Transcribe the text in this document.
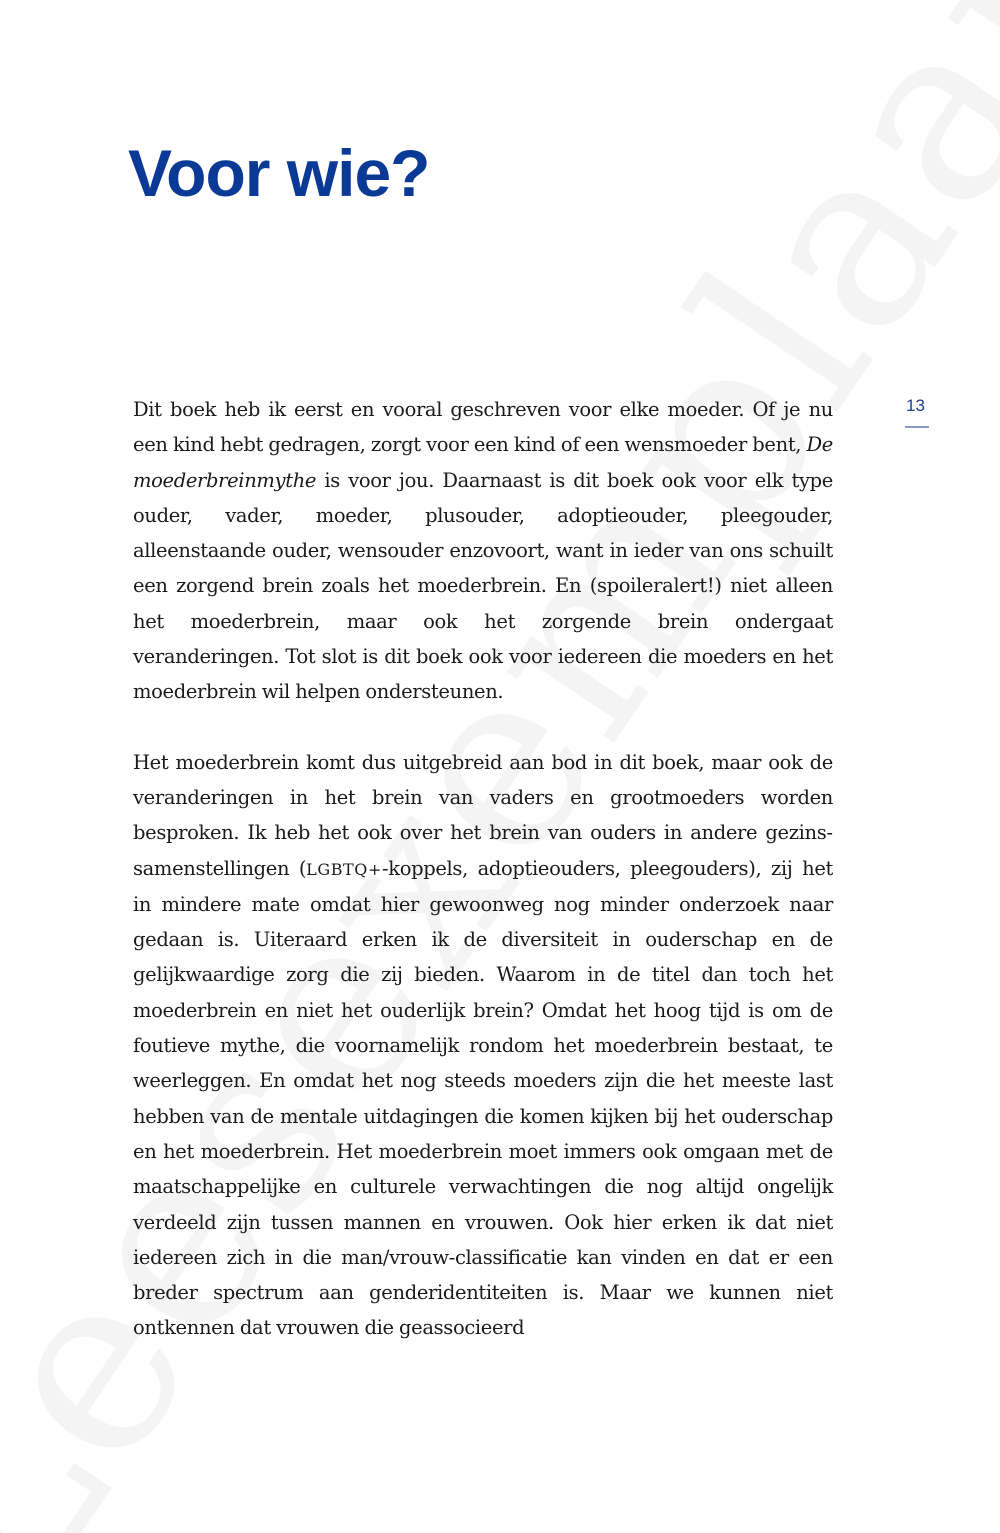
Voor wie?
13

Dit boek heb ik eerst en vooral geschreven voor elke moeder. Of je nu een kind hebt gedragen, zorgt voor een kind of een wensmoeder bent, De moederbreinmythe is voor jou. Daarnaast is dit boek ook voor elk type ouder, vader, moeder, plusouder, adoptieouder, pleegouder, alleenstaande ouder, wensouder enzovoort, want in ieder van ons schuilt een zorgend brein zoals het moederbrein. En (spoileralert!) niet alleen het moederbrein, maar ook het zorgende brein ondergaat veranderingen. Tot slot is dit boek ook voor iedereen die moeders en het moederbrein wil helpen ondersteunen.

Het moederbrein komt dus uitgebreid aan bod in dit boek, maar ook de veranderingen in het brein van vaders en grootmoeders worden besproken. Ik heb het ook over het brein van ouders in andere gezinssamenstellingen (LGBTQ+-koppels, adoptieouders, pleegouders), zij het in mindere mate omdat hier gewoonweg nog minder onderzoek naar gedaan is. Uiteraard erken ik de diversiteit in ouderschap en de gelijkwaardige zorg die zij bieden. Waarom in de titel dan toch het moederbrein en niet het ouderlijk brein? Omdat het hoog tijd is om de foutieve mythe, die voornamelijk rondom het moederbrein bestaat, te weerleggen. En omdat het nog steeds moeders zijn die het meeste last hebben van de mentale uitdagingen die komen kijken bij het ouderschap en het moederbrein. Het moederbrein moet immers ook omgaan met de maatschappelijke en culturele verwachtingen die nog altijd ongelijk verdeeld zijn tussen mannen en vrouwen. Ook hier erken ik dat niet iedereen zich in die man/vrouw-classificatie kan vinden en dat er een breder spectrum aan genderidentiteiten is. Maar we kunnen niet ontkennen dat vrouwen die geassocieerd
